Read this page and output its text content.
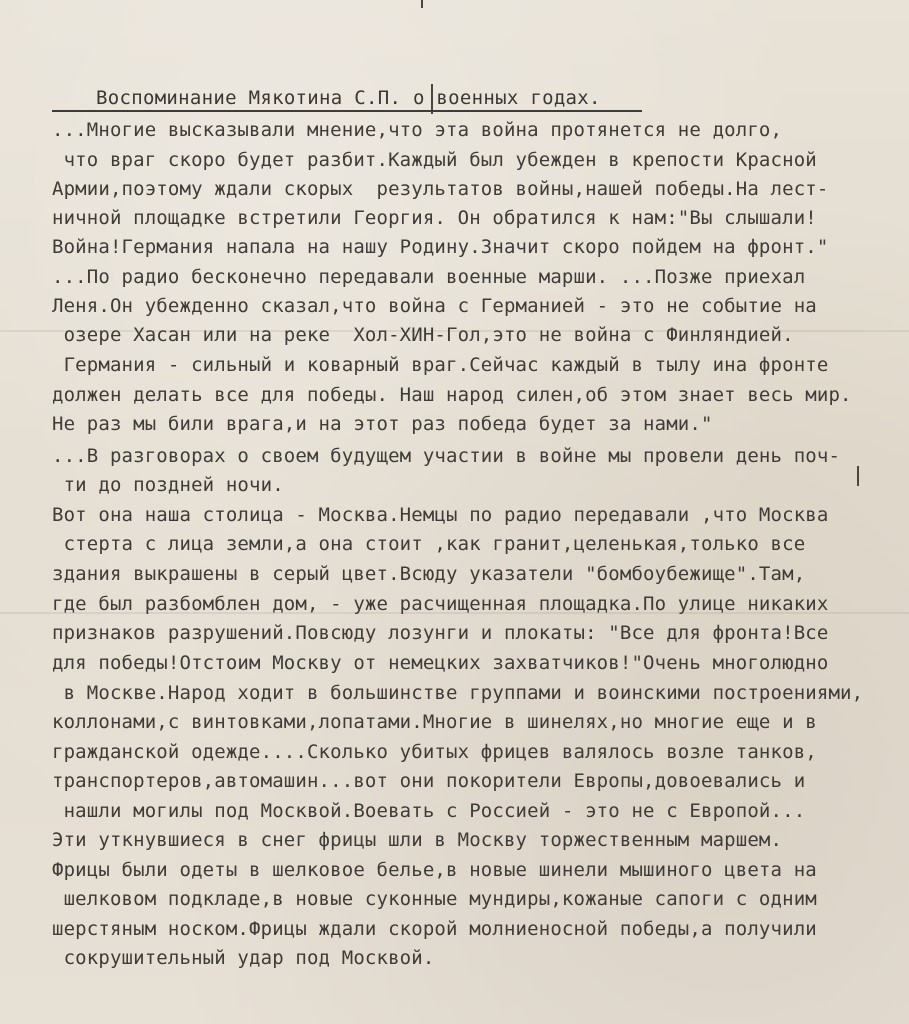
Воспоминание Мякотина С.П. о военных годах.
...Многие высказывали мнение,что эта война протянется не долго,
что враг скоро будет разбит.Каждый был убежден в крепости Красной
Армии,поэтому ждали скорых  результатов войны,нашей победы.На лест-
ничной площадке встретили Георгия. Он обратился к нам:"Вы слышали!
Война!Германия напала на нашу Родину.Значит скоро пойдем на фронт."
...По радио бесконечно передавали военные марши. ...Позже приехал
Леня.Он убежденно сказал,что война с Германией - это не событие на
озере Хасан или на реке  Хол-ХИН-Гол,это не война с Финляндией.
Германия - сильный и коварный враг.Сейчас каждый в тылу ина фронте
должен делать все для победы. Наш народ силен,об этом знает весь мир.
Не раз мы били врага,и на этот раз победа будет за нами."
...В разговорах о своем будущем участии в войне мы провели день поч-
ти до поздней ночи.
Вот она наша столица - Москва.Немцы по радио передавали ,что Москва
стерта с лица земли,а она стоит ,как гранит,целенькая,только все
здания выкрашены в серый цвет.Всюду указатели "бомбоубежище".Там,
где был разбомблен дом, - уже расчищенная площадка.По улице никаких
признаков разрушений.Повсюду лозунги и плокаты: "Все для фронта!Все
для победы!Отстоим Москву от немецких захватчиков!"Очень многолюдно
в Москве.Народ ходит в большинстве группами и воинскими построениями,
коллонами,с винтовками,лопатами.Многие в шинелях,но многие еще и в
гражданской одежде....Сколько убитых фрицев валялось возле танков,
транспортеров,автомашин...вот они покорители Европы,довоевались и
нашли могилы под Москвой.Воевать с Россией - это не с Европой...
Эти уткнувшиеся в снег фрицы шли в Москву торжественным маршем.
Фрицы были одеты в шелковое белье,в новые шинели мышиного цвета на
шелковом подкладе,в новые суконные мундиры,кожаные сапоги с одним
шерстяным носком.Фрицы ждали скорой молниеносной победы,а получили
сокрушительный удар под Москвой.
